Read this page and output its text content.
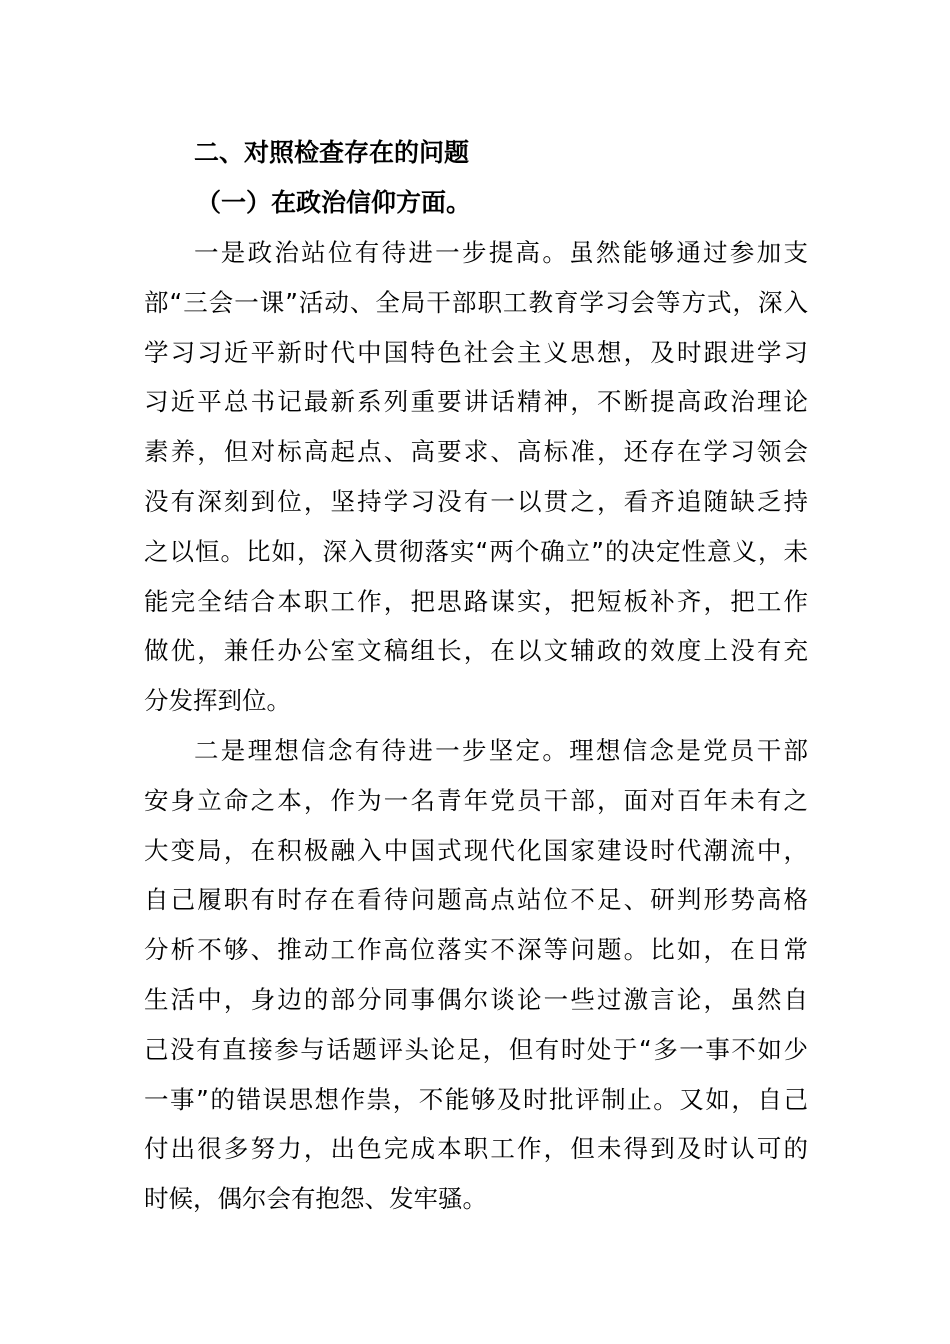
二、对照检查存在的问题
（一）在政治信仰方面。

一是政治站位有待进一步提高。虽然能够通过参加支
部“三会一课”活动、全局干部职工教育学习会等方式，深入
学习习近平新时代中国特色社会主义思想，及时跟进学习
习近平总书记最新系列重要讲话精神，不断提高政治理论
素养，但对标高起点、高要求、高标准，还存在学习领会
没有深刻到位，坚持学习没有一以贯之，看齐追随缺乏持
之以恒。比如，深入贯彻落实“两个确立”的决定性意义，未
能完全结合本职工作，把思路谋实，把短板补齐，把工作
做优，兼任办公室文稿组长，在以文辅政的效度上没有充
分发挥到位。

二是理想信念有待进一步坚定。理想信念是党员干部
安身立命之本，作为一名青年党员干部，面对百年未有之
大变局，在积极融入中国式现代化国家建设时代潮流中，
自己履职有时存在看待问题高点站位不足、研判形势高格
分析不够、推动工作高位落实不深等问题。比如，在日常
生活中，身边的部分同事偶尔谈论一些过激言论，虽然自
己没有直接参与话题评头论足，但有时处于“多一事不如少
一事”的错误思想作祟，不能够及时批评制止。又如，自己
付出很多努力，出色完成本职工作，但未得到及时认可的
时候，偶尔会有抱怨、发牢骚。
